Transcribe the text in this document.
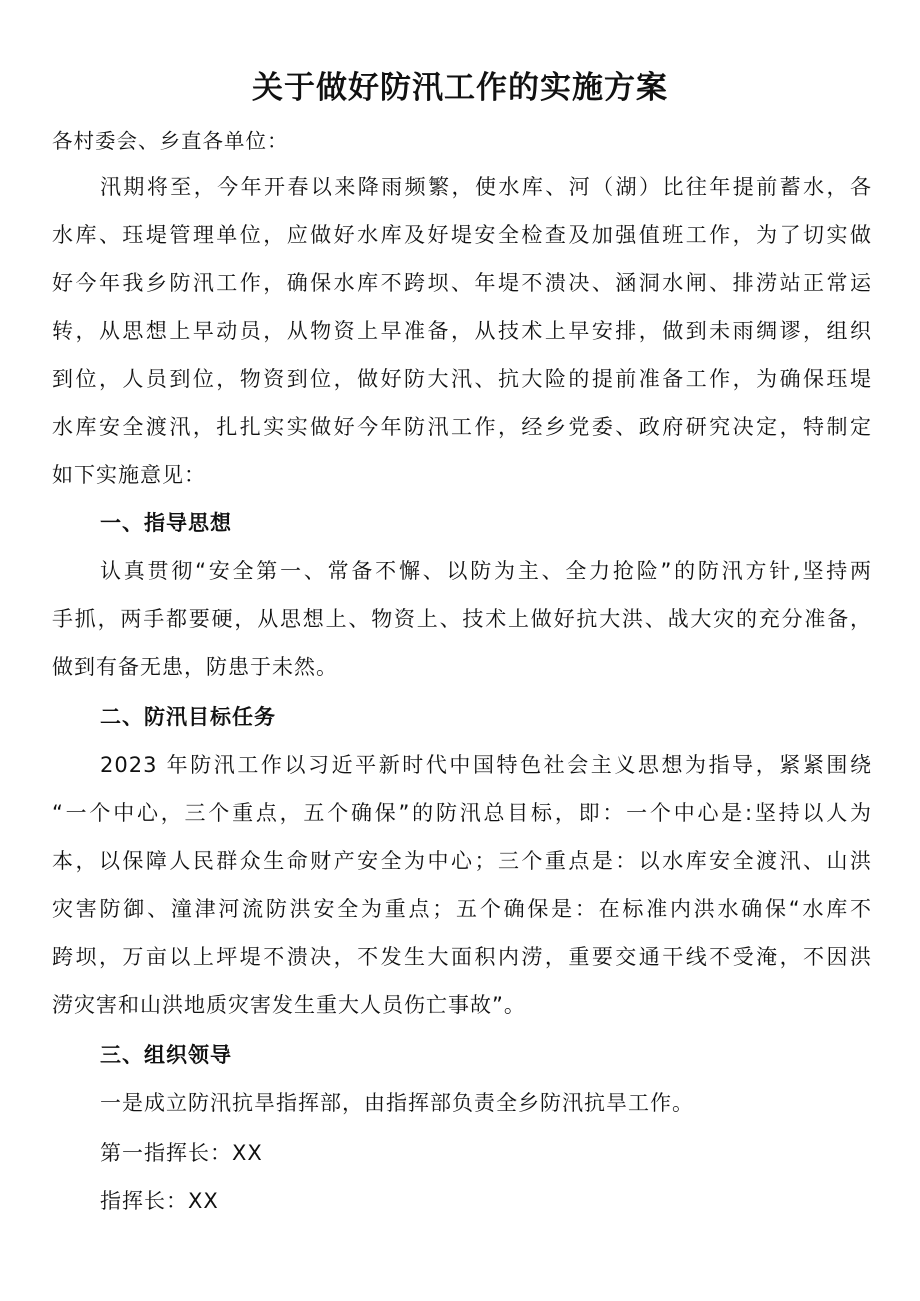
关于做好防汛工作的实施方案
各村委会、乡直各单位：
汛期将至，今年开春以来降雨频繁，使水库、河（湖）比往年提前蓄水，各
水库、珏堤管理单位，应做好水库及好堤安全检查及加强值班工作，为了切实做
好今年我乡防汛工作，确保水库不跨坝、年堤不溃决、涵洞水闸、排涝站正常运
转，从思想上早动员，从物资上早准备，从技术上早安排，做到未雨绸谬，组织
到位，人员到位，物资到位，做好防大汛、抗大险的提前准备工作，为确保珏堤
水库安全渡汛，扎扎实实做好今年防汛工作，经乡党委、政府研究决定，特制定
如下实施意见：
认真贯彻“安全第一、常备不懈、以防为主、全力抢险”的防汛方针,坚持两
手抓，两手都要硬，从思想上、物资上、技术上做好抗大洪、战大灾的充分准备，
做到有备无患，防患于未然。
2023 年防汛工作以习近平新时代中国特色社会主义思想为指导，紧紧围绕
“一个中心，三个重点，五个确保”的防汛总目标，即：一个中心是:坚持以人为
本，以保障人民群众生命财产安全为中心；三个重点是：以水库安全渡汛、山洪
灾害防御、潼津河流防洪安全为重点；五个确保是：在标准内洪水确保“水库不
跨坝，万亩以上坪堤不溃决，不发生大面积内涝，重要交通干线不受淹，不因洪
涝灾害和山洪地质灾害发生重大人员伤亡事故”。
一、指导思想
二、防汛目标任务
三、组织领导
一是成立防汛抗旱指挥部，由指挥部负责全乡防汛抗旱工作。
第一指挥长：XX
指挥长：XX
